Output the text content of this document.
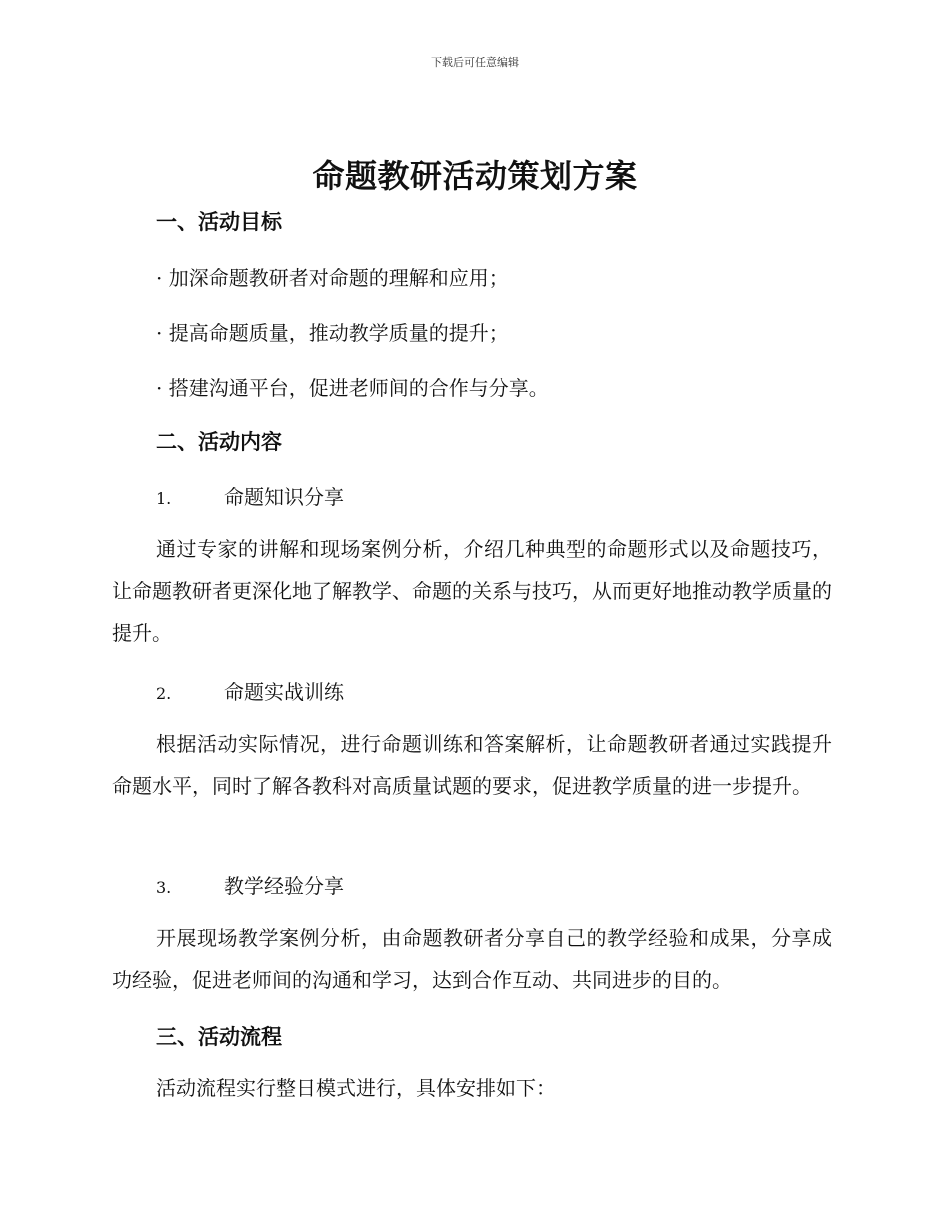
下载后可任意编辑
命题教研活动策划方案
一、活动目标
· 加深命题教研者对命题的理解和应用；
· 提高命题质量，推动教学质量的提升；
· 搭建沟通平台，促进老师间的合作与分享。
二、活动内容
1.	命题知识分享
通过专家的讲解和现场案例分析，介绍几种典型的命题形式以及命题技巧，让命题教研者更深化地了解教学、命题的关系与技巧，从而更好地推动教学质量的提升。
2.	命题实战训练
根据活动实际情况，进行命题训练和答案解析，让命题教研者通过实践提升命题水平，同时了解各教科对高质量试题的要求，促进教学质量的进一步提升。
3.	教学经验分享
开展现场教学案例分析，由命题教研者分享自己的教学经验和成果，分享成功经验，促进老师间的沟通和学习，达到合作互动、共同进步的目的。
三、活动流程
活动流程实行整日模式进行，具体安排如下：
